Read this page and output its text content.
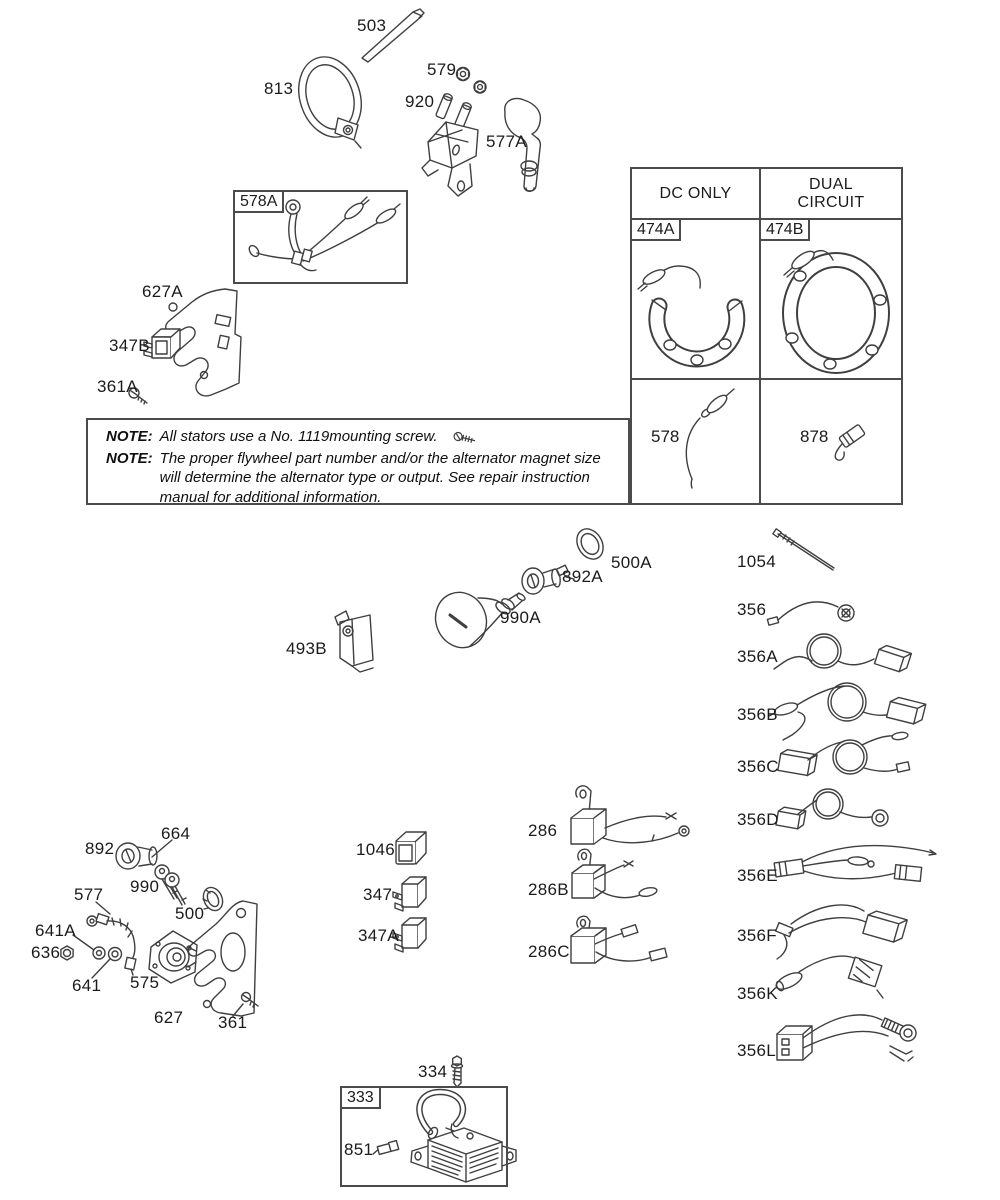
503
813
579
920
577A
627A
347B
361A
500A
892A
990A
493B
1054
356
356A
356B
356C
356D
356E
356F
356K
356L
892
664
990
577
641A
636
641 575
500
627 361
1046
347
347A
286
286B
286C
334
851
578A
NOTE: All stators use a No. 1119mounting screw.
NOTE: The proper flywheel part number and/or the alternator magnet size will determine the alternator type or output. See repair instruction manual for additional information.
DC ONLY
DUAL
CIRCUIT
474A	474B
578	878
333
